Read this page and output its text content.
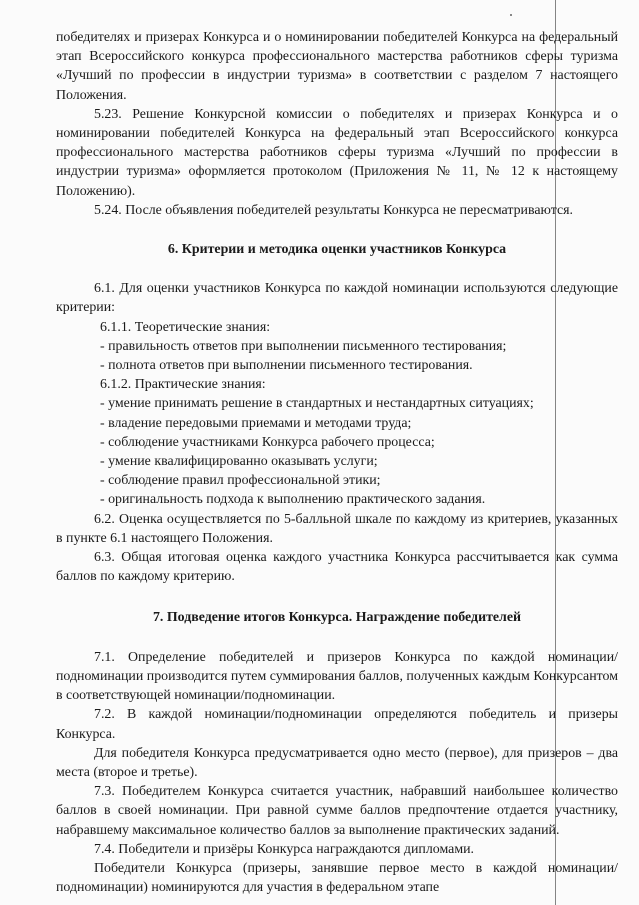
победителях и призерах Конкурса и о номинировании победителей Конкурса на федеральный этап Всероссийского конкурса профессионального мастерства работников сферы туризма «Лучший по профессии в индустрии туризма» в соответствии с разделом 7 настоящего Положения.

5.23. Решение Конкурсной комиссии о победителях и призерах Конкурса и о номинировании победителей Конкурса на федеральный этап Всероссийского конкурса профессионального мастерства работников сферы туризма «Лучший по профессии в индустрии туризма» оформляется протоколом (Приложения № 11, № 12 к настоящему Положению).

5.24. После объявления победителей результаты Конкурса не пересматриваются.

6. Критерии и методика оценки участников Конкурса

6.1. Для оценки участников Конкурса по каждой номинации используются следующие критерии:

6.1.1. Теоретические знания:

- правильность ответов при выполнении письменного тестирования;

- полнота ответов при выполнении письменного тестирования.

6.1.2. Практические знания:

- умение принимать решение в стандартных и нестандартных ситуациях;

- владение передовыми приемами и методами труда;

- соблюдение участниками Конкурса рабочего процесса;

- умение квалифицированно оказывать услуги;

- соблюдение правил профессиональной этики;

- оригинальность подхода к выполнению практического задания.

6.2. Оценка осуществляется по 5-балльной шкале по каждому из критериев, указанных в пункте 6.1 настоящего Положения.

6.3. Общая итоговая оценка каждого участника Конкурса рассчитывается как сумма баллов по каждому критерию.

7. Подведение итогов Конкурса. Награждение победителей

7.1. Определение победителей и призеров Конкурса по каждой номинации/подноминации производится путем суммирования баллов, полученных каждым Конкурсантом в соответствующей номинации/подноминации.

7.2. В каждой номинации/подноминации определяются победитель и призеры Конкурса.

Для победителя Конкурса предусматривается одно место (первое), для призеров – два места (второе и третье).

7.3. Победителем Конкурса считается участник, набравший наибольшее количество баллов в своей номинации. При равной сумме баллов предпочтение отдается участнику, набравшему максимальное количество баллов за выполнение практических заданий.

7.4. Победители и призёры Конкурса награждаются дипломами.

Победители Конкурса (призеры, занявшие первое место в каждой номинации/подноминации) номинируются для участия в федеральном этапе
